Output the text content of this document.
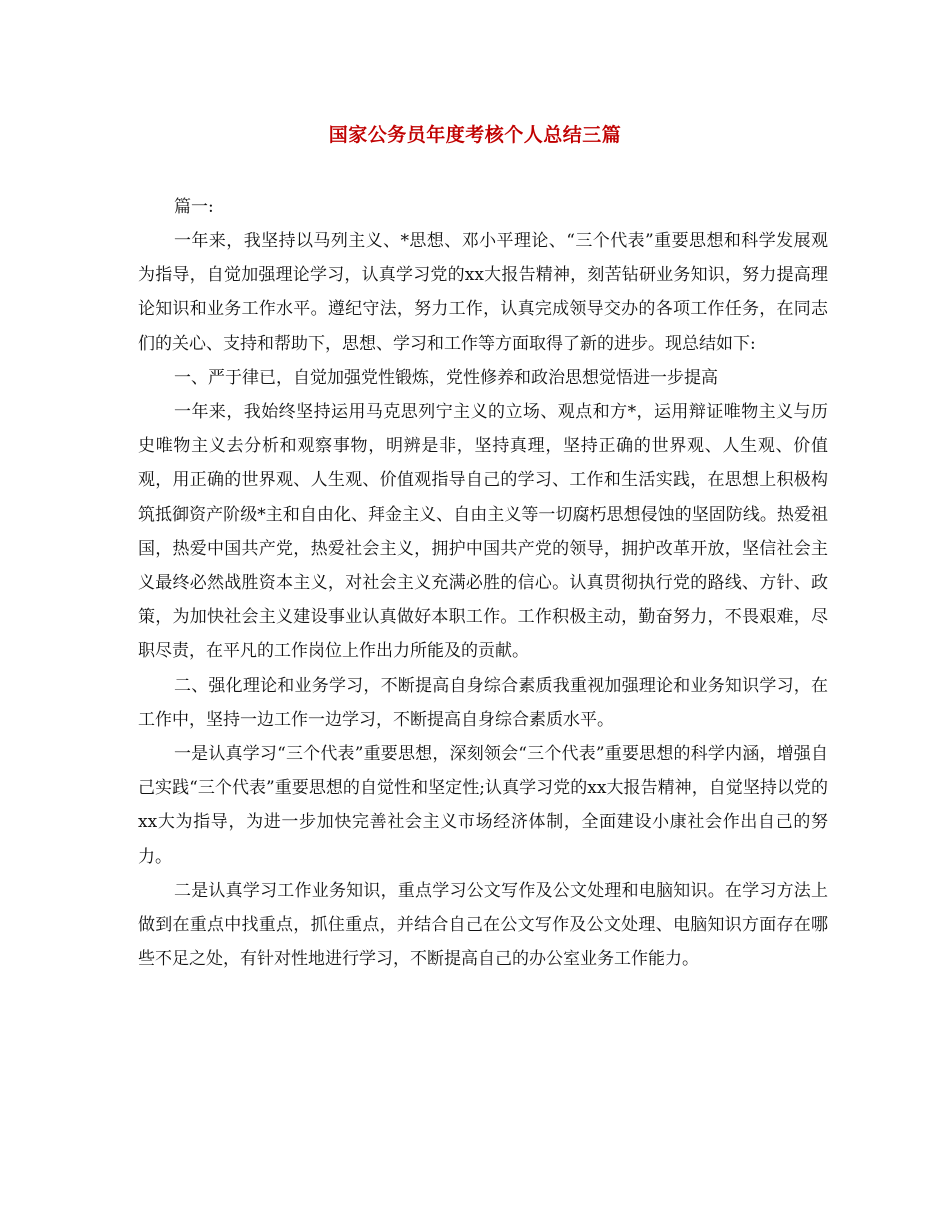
国家公务员年度考核个人总结三篇

篇一:

一年来，我坚持以马列主义、*思想、邓小平理论、“三个代表”重要思想和科学发展观为指导，自觉加强理论学习，认真学习党的xx大报告精神，刻苦钻研业务知识，努力提高理论知识和业务工作水平。遵纪守法，努力工作，认真完成领导交办的各项工作任务，在同志们的关心、支持和帮助下，思想、学习和工作等方面取得了新的进步。现总结如下:

一、严于律已，自觉加强党性锻炼，党性修养和政治思想觉悟进一步提高

一年来，我始终坚持运用马克思列宁主义的立场、观点和方*，运用辩证唯物主义与历史唯物主义去分析和观察事物，明辨是非，坚持真理，坚持正确的世界观、人生观、价值观，用正确的世界观、人生观、价值观指导自己的学习、工作和生活实践，在思想上积极构筑抵御资产阶级*主和自由化、拜金主义、自由主义等一切腐朽思想侵蚀的坚固防线。热爱祖国，热爱中国共产党，热爱社会主义，拥护中国共产党的领导，拥护改革开放，坚信社会主义最终必然战胜资本主义，对社会主义充满必胜的信心。认真贯彻执行党的路线、方针、政策，为加快社会主义建设事业认真做好本职工作。工作积极主动，勤奋努力，不畏艰难，尽职尽责，在平凡的工作岗位上作出力所能及的贡献。

二、强化理论和业务学习，不断提高自身综合素质我重视加强理论和业务知识学习，在工作中，坚持一边工作一边学习，不断提高自身综合素质水平。

一是认真学习“三个代表”重要思想，深刻领会“三个代表”重要思想的科学内涵，增强自己实践“三个代表”重要思想的自觉性和坚定性;认真学习党的xx大报告精神，自觉坚持以党的xx大为指导，为进一步加快完善社会主义市场经济体制，全面建设小康社会作出自己的努力。

二是认真学习工作业务知识，重点学习公文写作及公文处理和电脑知识。在学习方法上做到在重点中找重点，抓住重点，并结合自己在公文写作及公文处理、电脑知识方面存在哪些不足之处，有针对性地进行学习，不断提高自己的办公室业务工作能力。
